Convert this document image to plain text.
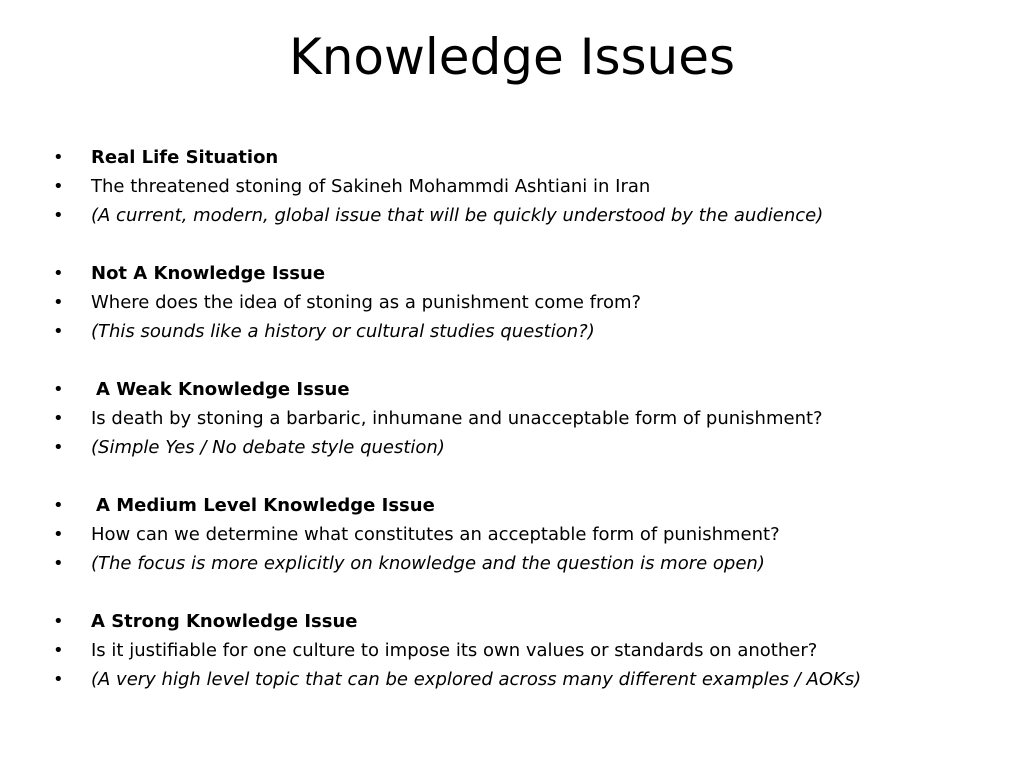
Knowledge Issues
• Real Life Situation
• The threatened stoning of Sakineh Mohammdi Ashtiani in Iran
• (A current, modern, global issue that will be quickly understood by the audience)
• Not A Knowledge Issue
• Where does the idea of stoning as a punishment come from?
• (This sounds like a history or cultural studies question?)
• A Weak Knowledge Issue
• Is death by stoning a barbaric, inhumane and unacceptable form of punishment?
• (Simple Yes / No debate style question)
• A Medium Level Knowledge Issue
• How can we determine what constitutes an acceptable form of punishment?
• (The focus is more explicitly on knowledge and the question is more open)
• A Strong Knowledge Issue
• Is it justifiable for one culture to impose its own values or standards on another?
• (A very high level topic that can be explored across many different examples / AOKs)
